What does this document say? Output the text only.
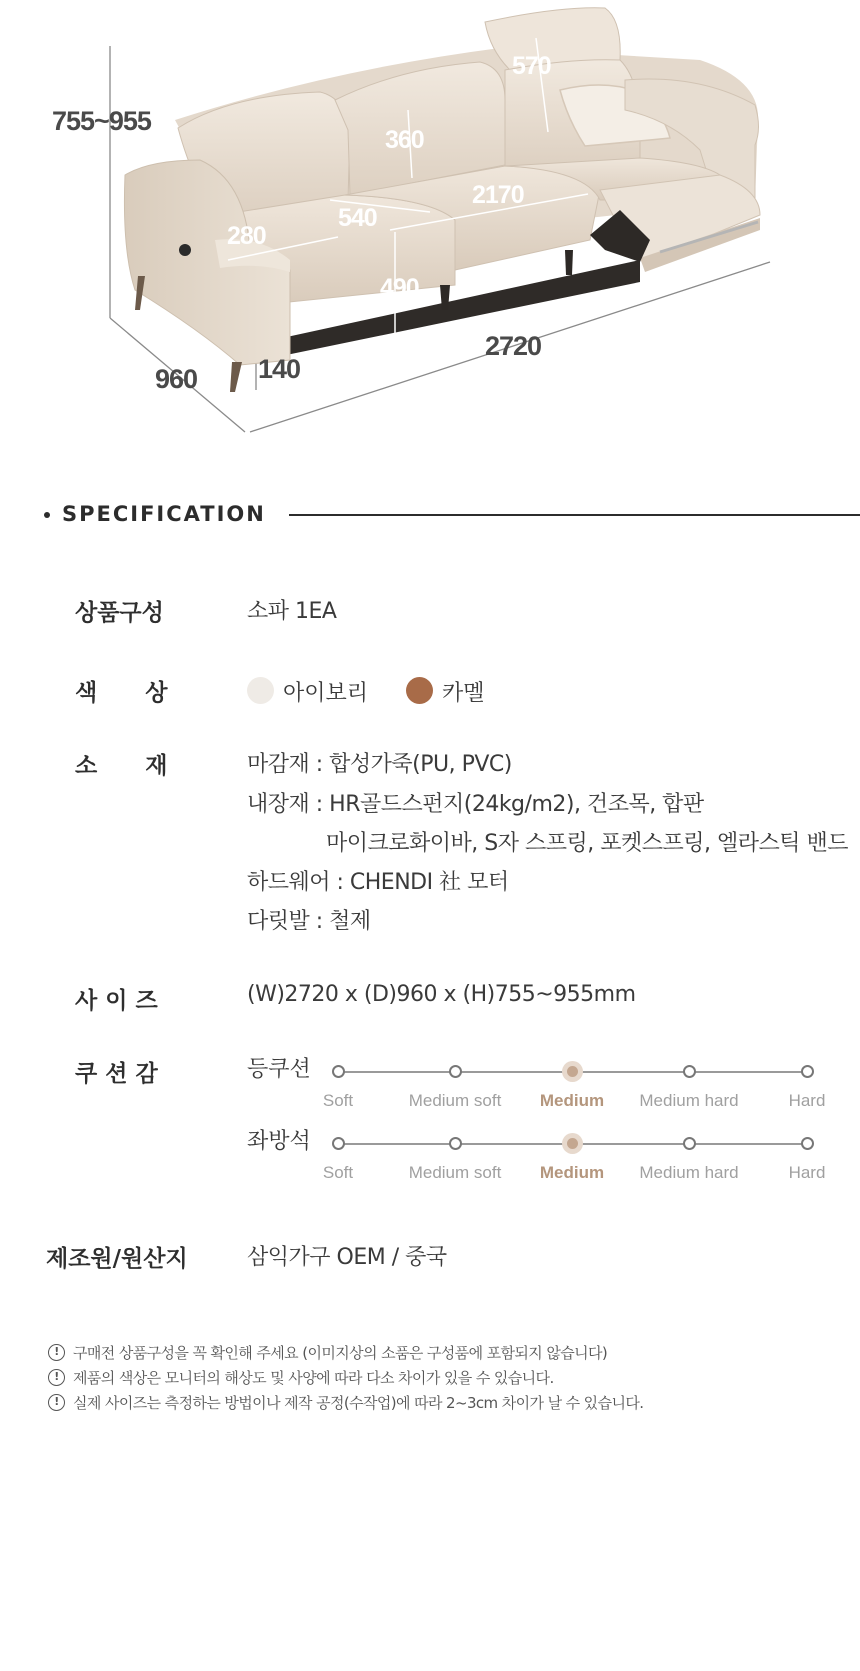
755~955
570
360
2170
540
280
490
2720
960 140
SPECIFICATION
상품구성	소파 1EA
색      상	아이보리	카멜
소      재	마감재 : 합성가죽(PU, PVC)
내장재 : HR골드스펀지(24kg/m2), 건조목, 합판
마이크로화이바, S자 스프링, 포켓스프링, 엘라스틱 밴드
하드웨어 : CHENDI 社 모터
다릿발 : 철제
사 이 즈	(W)2720 x (D)960 x (H)755~955mm
쿠 션 감	등쿠션
Soft	Medium soft Medium Medium hard	Hard
좌방석
Soft	Medium soft Medium Medium hard	Hard
제조원/원산지	삼익가구 OEM / 중국
! 구매전 상품구성을 꼭 확인해 주세요 (이미지상의 소품은 구성품에 포함되지 않습니다)
! 제품의 색상은 모니터의 해상도 및 사양에 따라 다소 차이가 있을 수 있습니다.
! 실제 사이즈는 측정하는 방법이나 제작 공정(수작업)에 따라 2~3cm 차이가 날 수 있습니다.
